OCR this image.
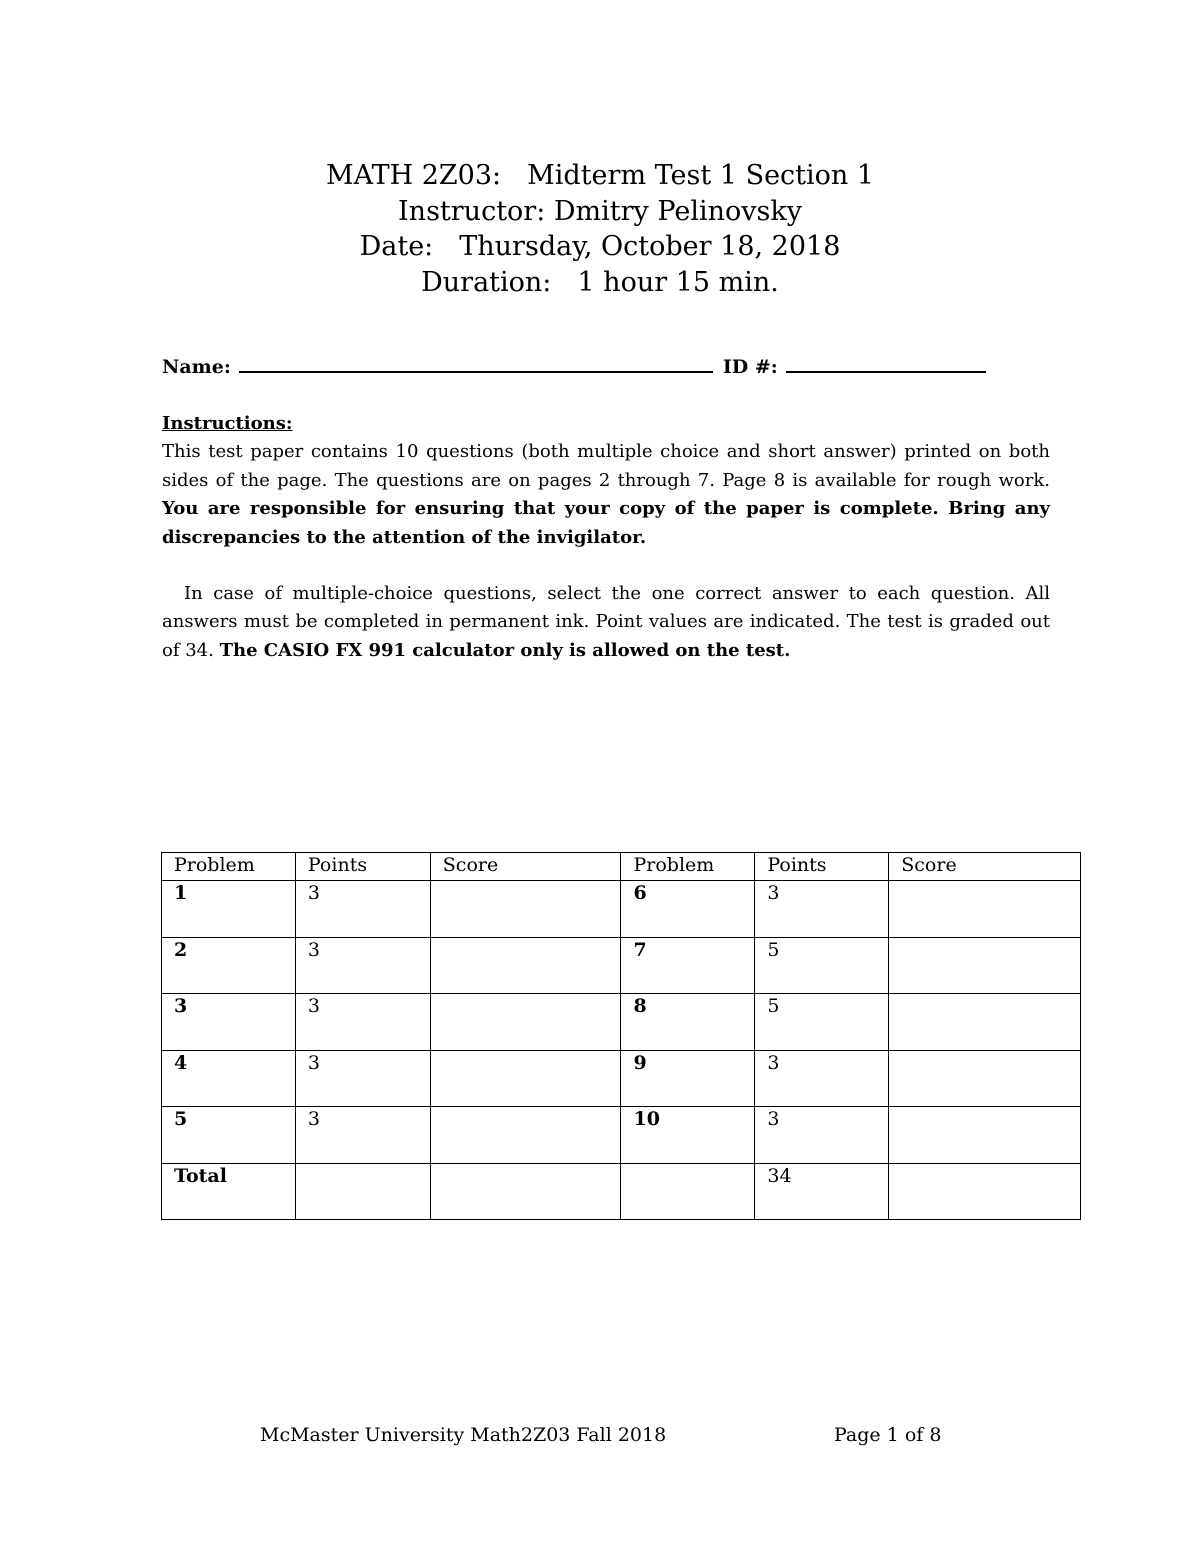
MATH 2Z03: Midterm Test 1 Section 1
Instructor: Dmitry Pelinovsky
Date: Thursday, October 18, 2018
Duration: 1 hour 15 min.
Name:	ID #:
Instructions:

This test paper contains 10 questions (both multiple choice and short answer) printed on both sides of the page. The questions are on pages 2 through 7. Page 8 is available for rough work. You are responsible for ensuring that your copy of the paper is complete. Bring any discrepancies to the attention of the invigilator.

In case of multiple-choice questions, select the one correct answer to each question. All answers must be completed in permanent ink. Point values are indicated. The test is graded out of 34. The CASIO FX 991 calculator only is allowed on the test.

Problem	Points	Score	Problem	Points	Score
1	3		6	3	
2	3		7	5	
3	3		8	5	
4	3		9	3	
5	3		10	3	
Total				34	
McMaster University Math2Z03 Fall 2018	Page 1 of 8
